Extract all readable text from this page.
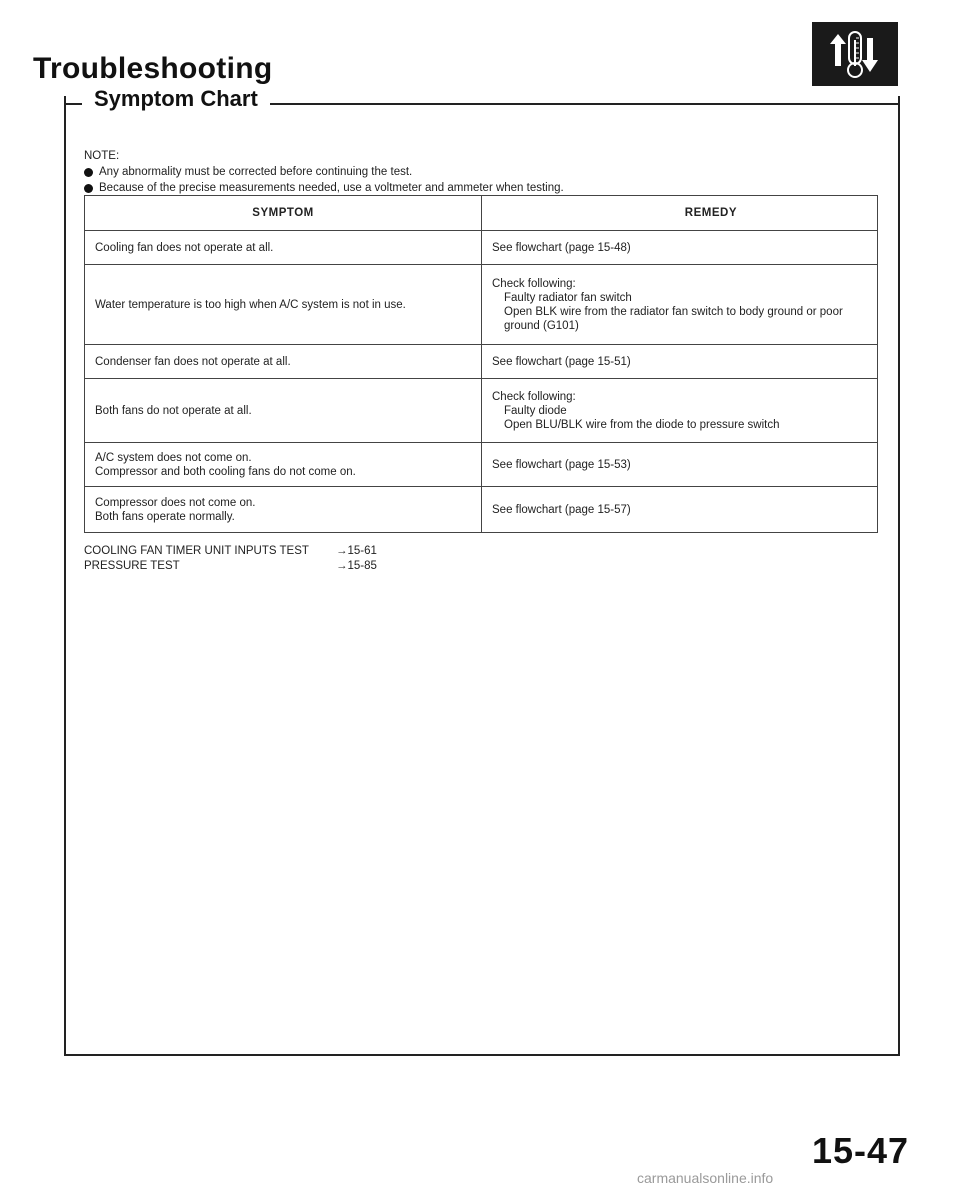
Troubleshooting
Symptom Chart
NOTE:
Any abnormality must be corrected before continuing the test.
Because of the precise measurements needed, use a voltmeter and ammeter when testing.
SYMPTOM	REMEDY

Cooling fan does not operate at all.	See flowchart (page 15-48)

Water temperature is too high when A/C system is not in use.	Check following:
Faulty radiator fan switch
Open BLK wire from the radiator fan switch to body ground or poor ground (G101)

Condenser fan does not operate at all.	See flowchart (page 15-51)

Both fans do not operate at all.	Check following:
Faulty diode
Open BLU/BLK wire from the diode to pressure switch

A/C system does not come on.
Compressor and both cooling fans do not come on.	See flowchart (page 15-53)

Compressor does not come on.
Both fans operate normally.	See flowchart (page 15-57)
COOLING FAN TIMER UNIT INPUTS TEST	→15-61
PRESSURE TEST	→15-85
15-47
carmanualsonline.info
